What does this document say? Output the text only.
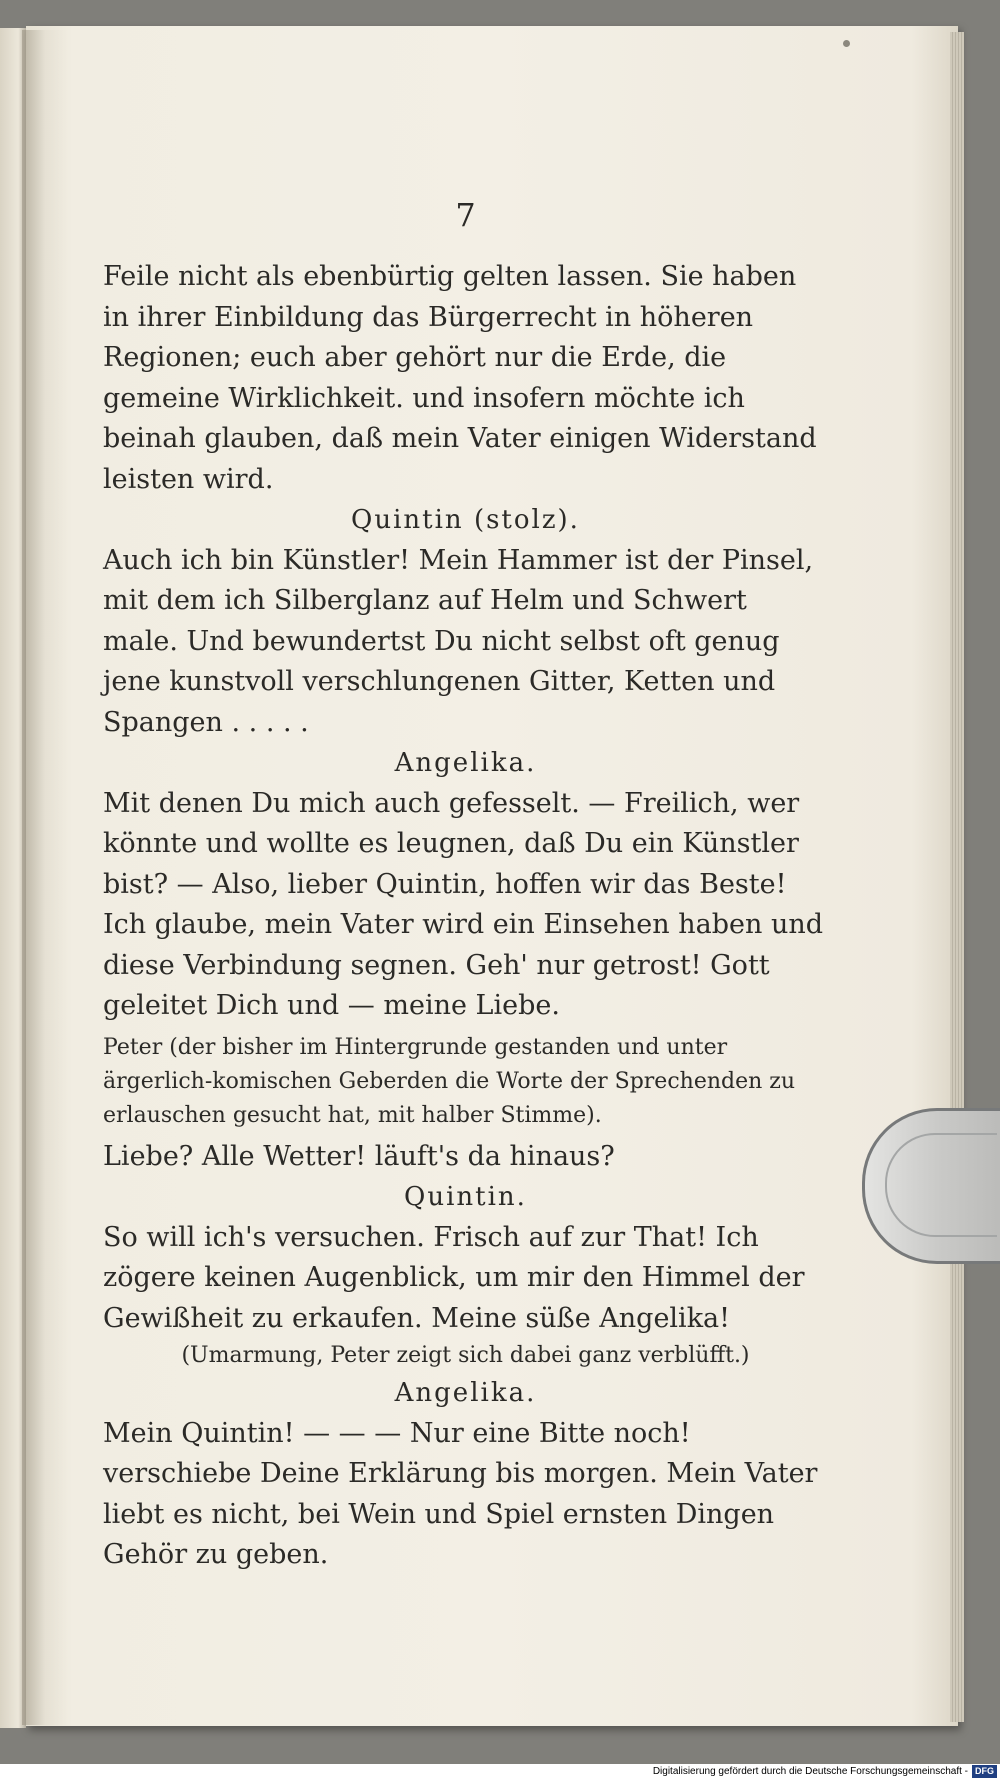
7

Feile nicht als ebenbürtig gelten lassen. Sie haben in ihrer Einbildung das Bürgerrecht in höheren Regionen; euch aber gehört nur die Erde, die gemeine Wirklichkeit. und insofern möchte ich beinah glauben, daß mein Vater einigen Widerstand leisten wird.

Quintin (stolz).

Auch ich bin Künstler! Mein Hammer ist der Pinsel, mit dem ich Silberglanz auf Helm und Schwert male. Und bewundertst Du nicht selbst oft genug jene kunstvoll verschlungenen Gitter, Ketten und Spangen . . . . .

Angelika.

Mit denen Du mich auch gefesselt. — Freilich, wer könnte und wollte es leugnen, daß Du ein Künstler bist? — Also, lieber Quintin, hoffen wir das Beste! Ich glaube, mein Vater wird ein Einsehen haben und diese Verbindung segnen. Geh' nur getrost! Gott geleitet Dich und — meine Liebe.

Peter (der bisher im Hintergrunde gestanden und unter ärgerlich-komischen Geberden die Worte der Sprechenden zu erlauschen gesucht hat, mit halber Stimme).

Liebe? Alle Wetter! läuft's da hinaus?

Quintin.

So will ich's versuchen. Frisch auf zur That! Ich zögere keinen Augenblick, um mir den Himmel der Gewißheit zu erkaufen. Meine süße Angelika!

(Umarmung, Peter zeigt sich dabei ganz verblüfft.)

Angelika.

Mein Quintin! — — — Nur eine Bitte noch! verschiebe Deine Erklärung bis morgen. Mein Vater liebt es nicht, bei Wein und Spiel ernsten Dingen Gehör zu geben.

Digitalisierung gefördert durch die Deutsche Forschungsgemeinschaft - DFG
